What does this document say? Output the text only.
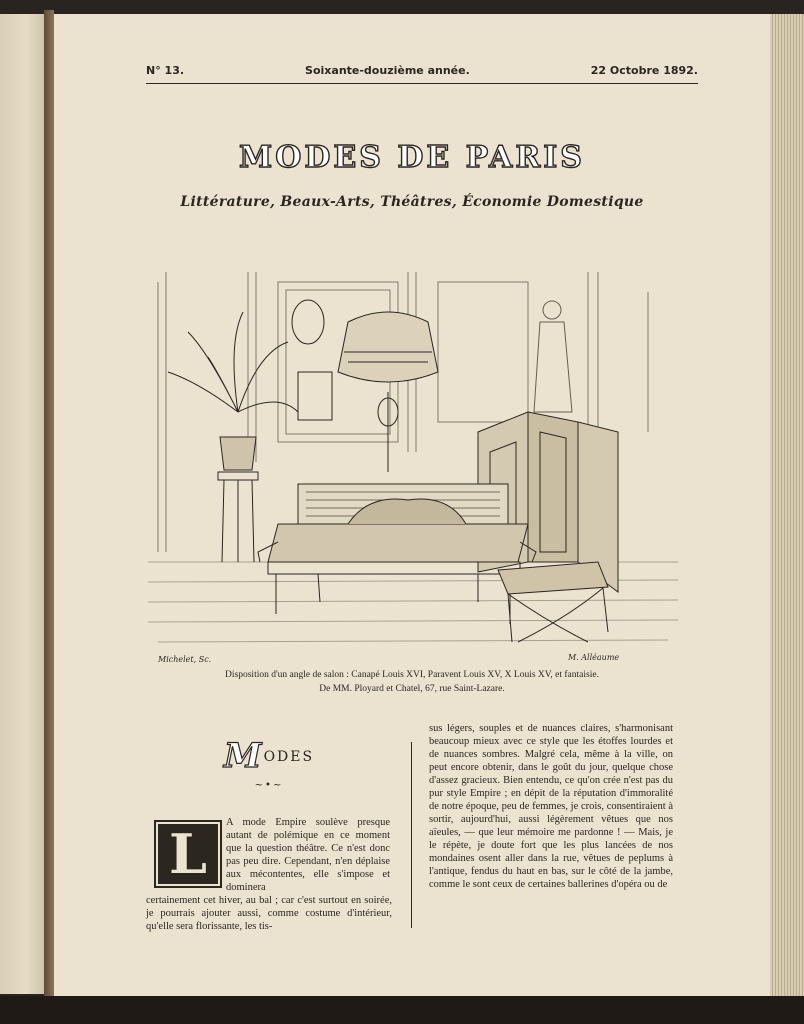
N° 13.	Soixante-douzième année.	22 Octobre 1892.
MODES DE PARIS
Littérature, Beaux-Arts, Théâtres, Économie Domestique
Michelet, Sc.	M. Alléaume
Disposition d'un angle de salon : Canapé Louis XVI, Paravent Louis XV, X Louis XV, et fantaisie.
De MM. Ployard et Chatel, 67, rue Saint-Lazare.
MODES
~•~
L	A mode Empire soulève presque autant de polémique en ce moment que la question théâtre. Ce n'est donc pas peu dire. Cependant, n'en déplaise aux mécontentes, elle s'impose et dominera
certainement cet hiver, au bal ; car c'est surtout en soirée, je pourrais ajouter aussi, comme costume d'intérieur, qu'elle sera florissante, les tis-
sus légers, souples et de nuances claires, s'harmonisant beaucoup mieux avec ce style que les étoffes lourdes et de nuances sombres. Malgré cela, même à la ville, on peut encore obtenir, dans le goût du jour, quelque chose d'assez gracieux. Bien entendu, ce qu'on crée n'est pas du pur style Empire ; en dépit de la réputation d'immoralité de notre époque, peu de femmes, je crois, consentiraient à sortir, aujourd'hui, aussi légèrement vêtues que nos aïeules, — que leur mémoire me pardonne ! — Mais, je le répète, je doute fort que les plus lancées de nos mondaines osent aller dans la rue, vêtues de peplums à l'antique, fendus du haut en bas, sur le côté de la jambe, comme le sont ceux de certaines ballerines d'opéra ou de
